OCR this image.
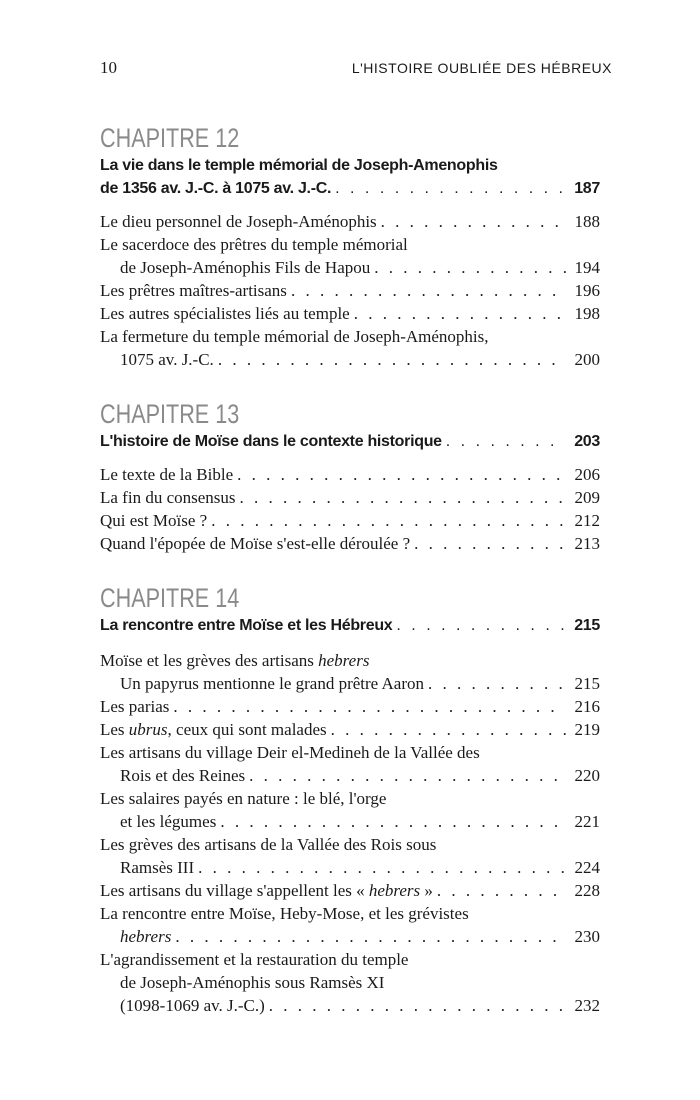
10	L'HISTOIRE OUBLIÉE DES HÉBREUX
CHAPITRE 12
La vie dans le temple mémorial de Joseph-Amenophis
de 1356 av. J.-C. à 1075 av. J.-C. . . .	187
Le dieu personnel de Joseph-Aménophis . . .	188
Le sacerdoce des prêtres du temple mémorial
de Joseph-Aménophis Fils de Hapou . . .	194
Les prêtres maîtres-artisans . . .	196
Les autres spécialistes liés au temple . . .	198
La fermeture du temple mémorial de Joseph-Aménophis,
1075 av. J.-C. . . .	200
CHAPITRE 13
L'histoire de Moïse dans le contexte historique . . .	203
Le texte de la Bible . . .	206
La fin du consensus . . .	209
Qui est Moïse ? . . .	212
Quand l'épopée de Moïse s'est-elle déroulée ? . . .	213
CHAPITRE 14
La rencontre entre Moïse et les Hébreux . . .	215
Moïse et les grèves des artisans hebrers
Un papyrus mentionne le grand prêtre Aaron . . .	215
Les parias . . .	216
Les ubrus, ceux qui sont malades . . .	219
Les artisans du village Deir el-Medineh de la Vallée des
Rois et des Reines . . .	220
Les salaires payés en nature : le blé, l'orge
et les légumes . . .	221
Les grèves des artisans de la Vallée des Rois sous
Ramsès III . . .	224
Les artisans du village s'appellent les « hebrers » . . .	228
La rencontre entre Moïse, Heby-Mose, et les grévistes
hebrers . . .	230
L'agrandissement et la restauration du temple
de Joseph-Aménophis sous Ramsès XI
(1098-1069 av. J.-C.) . . .	232
